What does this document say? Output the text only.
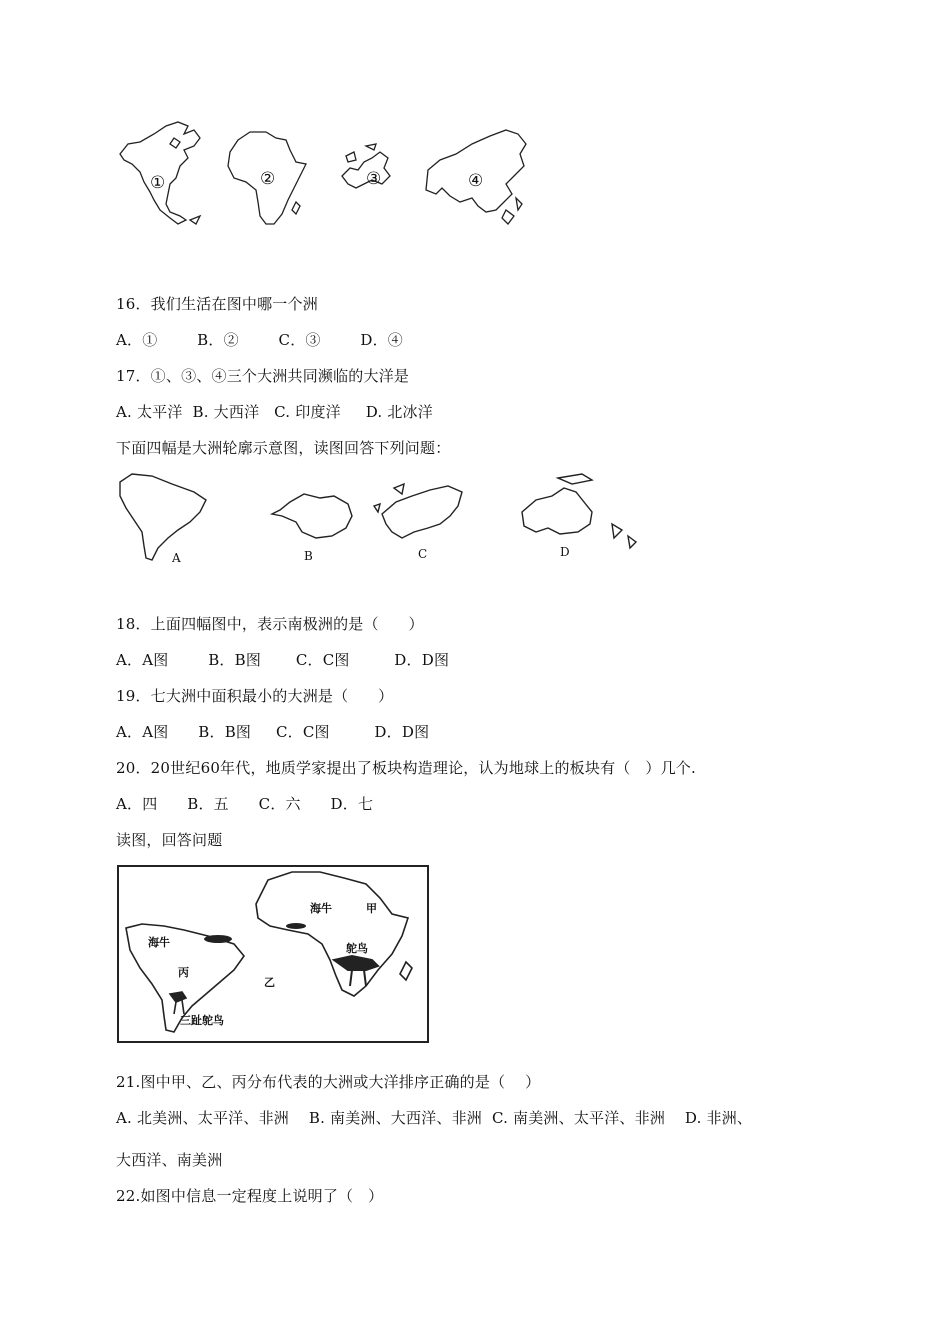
①	②	③	④
16．我们生活在图中哪一个洲
A．①        B．②        C．③        D．④
17．①、③、④三个大洲共同濒临的大洋是
A. 太平洋  B. 大西洋   C. 印度洋     D. 北冰洋
下面四幅是大洲轮廓示意图，读图回答下列问题：
A	B	C	D
18．上面四幅图中，表示南极洲的是（      ）
A．A图        B．B图       C．C图         D．D图
19．七大洲中面积最小的大洲是（      ）
A．A图      B．B图     C．C图         D．D图
20．20世纪60年代，地质学家提出了板块构造理论，认为地球上的板块有（   ）几个.
A．四      B．五      C．六      D．七
读图，回答问题
海牛	甲
鸵鸟
海牛
丙
乙
三趾鸵鸟
21.图中甲、乙、丙分布代表的大洲或大洋排序正确的是（    ）
A. 北美洲、太平洋、非洲    B. 南美洲、大西洋、非洲  C. 南美洲、太平洋、非洲    D. 非洲、
大西洋、南美洲
22.如图中信息一定程度上说明了（   ）
